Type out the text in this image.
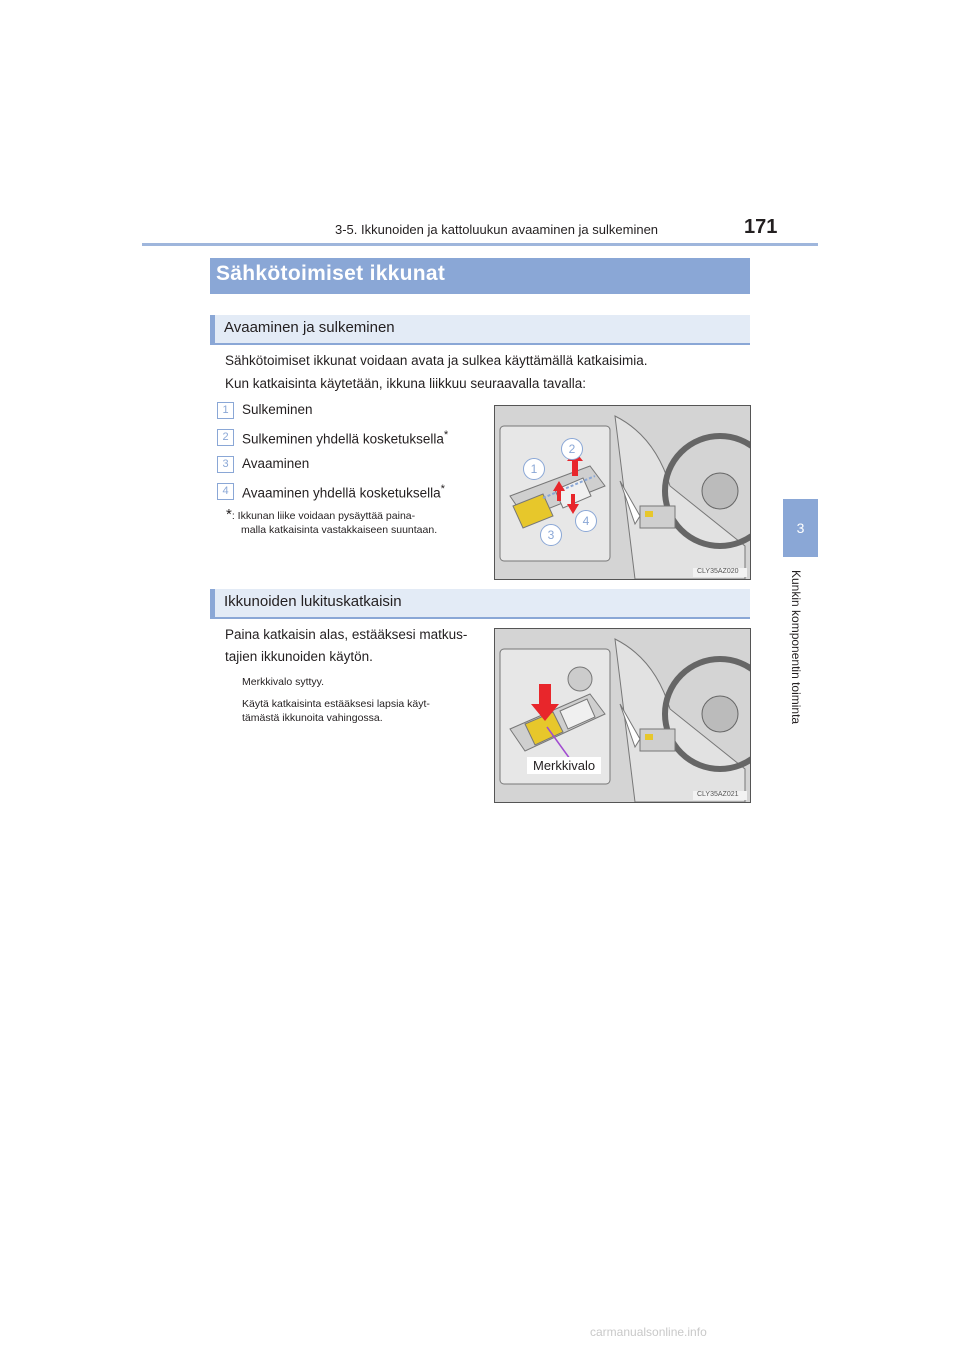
3-5. Ikkunoiden ja kattoluukun avaaminen ja sulkeminen	171
3
Kunkin komponentin toiminta
Sähkötoimiset ikkunat
Avaaminen ja sulkeminen
Sähkötoimiset ikkunat voidaan avata ja sulkea käyttämällä katkaisimia.
Kun katkaisinta käytetään, ikkuna liikkuu seuraavalla tavalla:
1 Sulkeminen
2 Sulkeminen yhdellä kosketuksella*
3 Avaaminen
4 Avaaminen yhdellä kosketuksella*
*: Ikkunan liike voidaan pysäyttää paina-
malla katkaisinta vastakkaiseen suuntaan.
1
2
3
4
CLY35AZ020
Ikkunoiden lukituskatkaisin
Paina katkaisin alas, estääksesi matkus-
tajien ikkunoiden käytön.
Merkkivalo syttyy.
Käytä katkaisinta estääksesi lapsia käyt-
tämästä ikkunoita vahingossa.
Merkkivalo
CLY35AZ021
carmanualsonline.info
